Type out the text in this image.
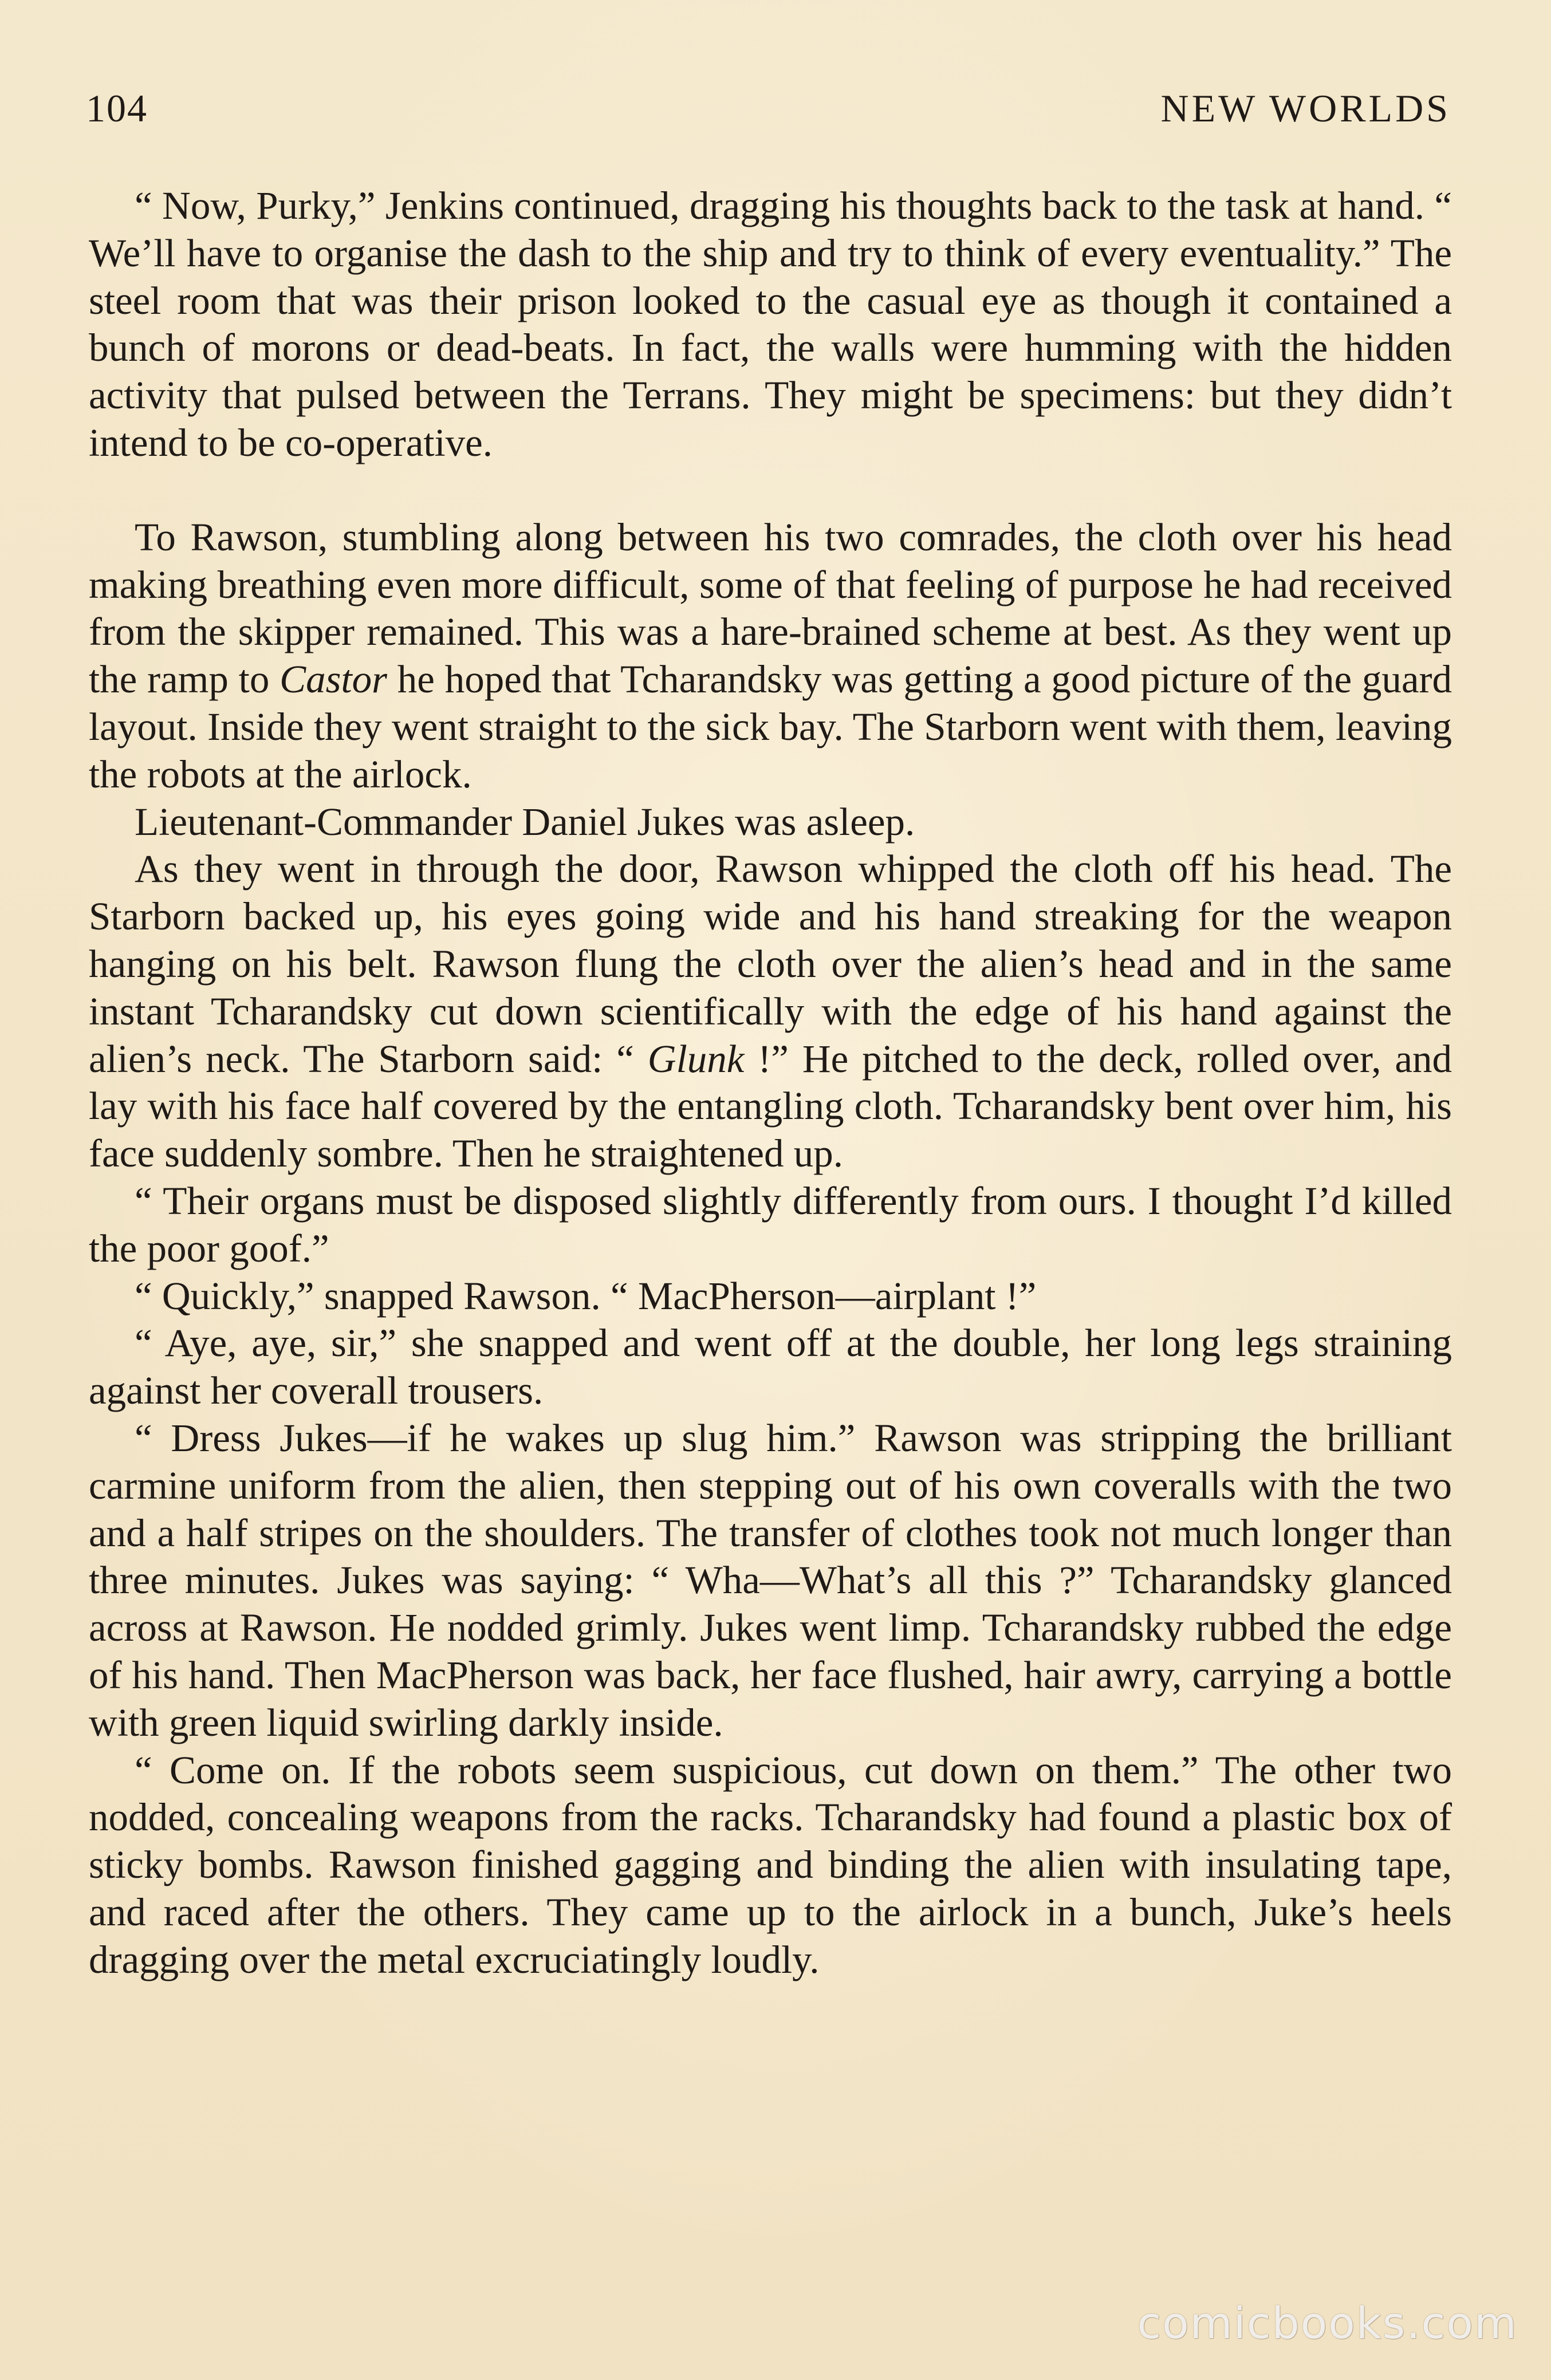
104	NEW WORLDS

“ Now, Purky,” Jenkins continued, dragging his thoughts back to the task at hand. “ We’ll have to organise the dash to the ship and try to think of every eventuality.” The steel room that was their prison looked to the casual eye as though it contained a bunch of morons or dead-beats. In fact, the walls were humming with the hidden activity that pulsed between the Terrans. They might be specimens: but they didn’t intend to be co-operative.

To Rawson, stumbling along between his two comrades, the cloth over his head making breathing even more difficult, some of that feeling of purpose he had received from the skipper remained. This was a hare-brained scheme at best. As they went up the ramp to Castor he hoped that Tcharandsky was getting a good picture of the guard layout. Inside they went straight to the sick bay. The Starborn went with them, leaving the robots at the airlock.

Lieutenant-Commander Daniel Jukes was asleep.

As they went in through the door, Rawson whipped the cloth off his head. The Starborn backed up, his eyes going wide and his hand streaking for the weapon hanging on his belt. Rawson flung the cloth over the alien’s head and in the same instant Tcharandsky cut down scientifically with the edge of his hand against the alien’s neck. The Starborn said: “ Glunk !” He pitched to the deck, rolled over, and lay with his face half covered by the entangling cloth. Tcharandsky bent over him, his face suddenly sombre. Then he straightened up.

“ Their organs must be disposed slightly differently from ours. I thought I’d killed the poor goof.”

“ Quickly,” snapped Rawson. “ MacPherson—airplant !”

“ Aye, aye, sir,” she snapped and went off at the double, her long legs straining against her coverall trousers.

“ Dress Jukes—if he wakes up slug him.” Rawson was stripping the brilliant carmine uniform from the alien, then stepping out of his own coveralls with the two and a half stripes on the shoulders. The transfer of clothes took not much longer than three minutes. Jukes was saying: “ Wha—What’s all this ?” Tcharandsky glanced across at Rawson. He nodded grimly. Jukes went limp. Tcharandsky rubbed the edge of his hand. Then MacPherson was back, her face flushed, hair awry, carrying a bottle with green liquid swirling darkly inside.

“ Come on. If the robots seem suspicious, cut down on them.” The other two nodded, concealing weapons from the racks. Tcharandsky had found a plastic box of sticky bombs. Rawson finished gagging and binding the alien with insulating tape, and raced after the others. They came up to the airlock in a bunch, Juke’s heels dragging over the metal excruciatingly loudly.

comicbooks.com
